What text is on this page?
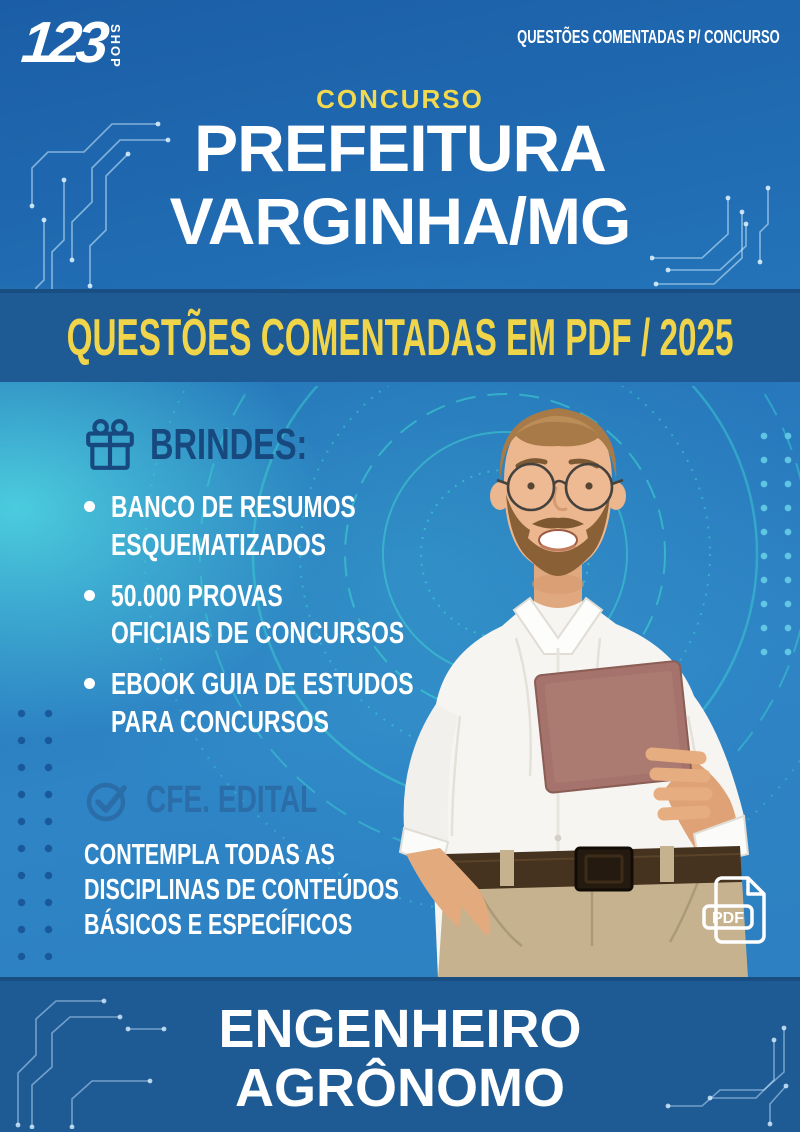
123 SHOP	QUESTÕES COMENTADAS P/ CONCURSO
CONCURSO
PREFEITURA
VARGINHA/MG
QUESTÕES COMENTADAS EM PDF / 2025
BRINDES:
BANCO DE RESUMOS
ESQUEMATIZADOS
50.000 PROVAS
OFICIAIS DE CONCURSOS
EBOOK GUIA DE ESTUDOS
PARA CONCURSOS
CFE. EDITAL
CONTEMPLA TODAS AS
DISCIPLINAS DE CONTEÚDOS
BÁSICOS E ESPECÍFICOS	PDF
ENGENHEIRO
AGRÔNOMO
